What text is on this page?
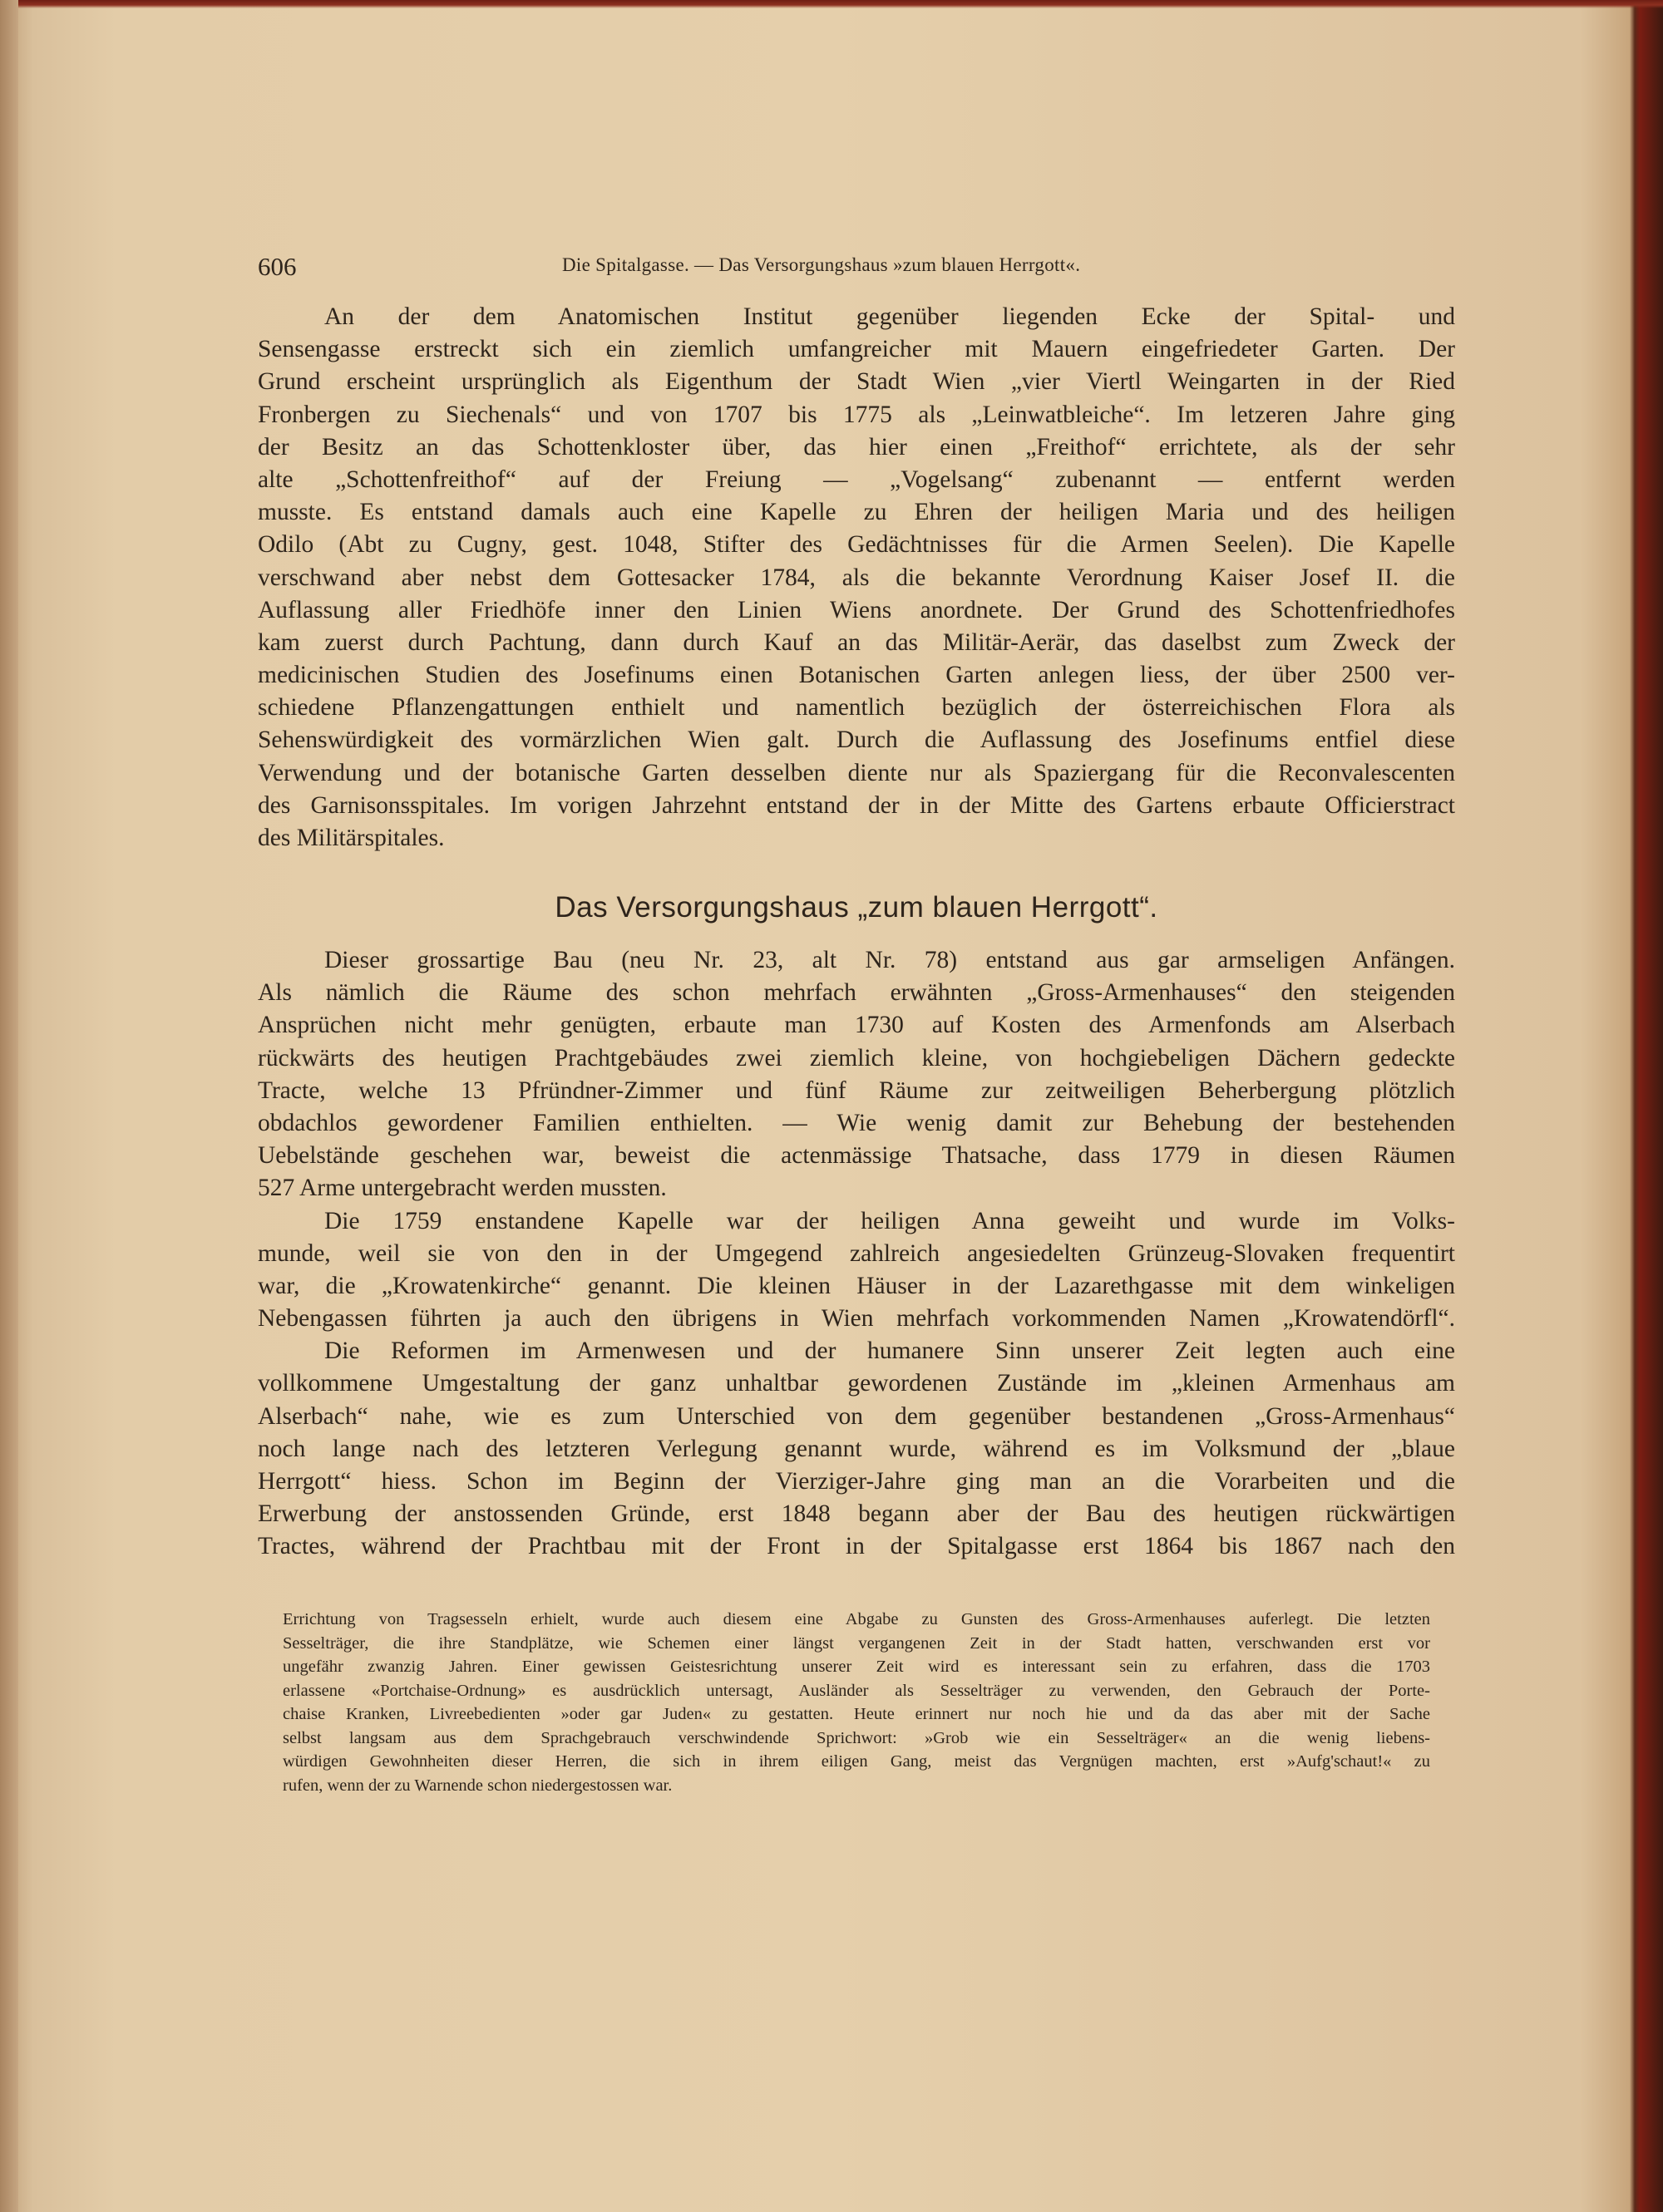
606	Die Spitalgasse. — Das Versorgungshaus »zum blauen Herrgott«.
An der dem Anatomischen Institut gegenüber liegenden Ecke der Spital- und
Sensengasse erstreckt sich ein ziemlich umfangreicher mit Mauern eingefriedeter Garten. Der
Grund erscheint ursprünglich als Eigenthum der Stadt Wien „vier Viertl Weingarten in der Ried
Fronbergen zu Siechenals“ und von 1707 bis 1775 als „Leinwatbleiche“. Im letzeren Jahre ging
der Besitz an das Schottenkloster über, das hier einen „Freithof“ errichtete, als der sehr
alte „Schottenfreithof“ auf der Freiung — „Vogelsang“ zubenannt — entfernt werden
musste. Es entstand damals auch eine Kapelle zu Ehren der heiligen Maria und des heiligen
Odilo (Abt zu Cugny, gest. 1048, Stifter des Gedächtnisses für die Armen Seelen). Die Kapelle
verschwand aber nebst dem Gottesacker 1784, als die bekannte Verordnung Kaiser Josef II. die
Auflassung aller Friedhöfe inner den Linien Wiens anordnete. Der Grund des Schottenfriedhofes
kam zuerst durch Pachtung, dann durch Kauf an das Militär-Aerär, das daselbst zum Zweck der
medicinischen Studien des Josefinums einen Botanischen Garten anlegen liess, der über 2500 ver-
schiedene Pflanzengattungen enthielt und namentlich bezüglich der österreichischen Flora als
Sehenswürdigkeit des vormärzlichen Wien galt. Durch die Auflassung des Josefinums entfiel diese
Verwendung und der botanische Garten desselben diente nur als Spaziergang für die Reconvalescenten
des Garnisonsspitales. Im vorigen Jahrzehnt entstand der in der Mitte des Gartens erbaute Officierstract
des Militärspitales.
Das Versorgungshaus „zum blauen Herrgott“.
Dieser grossartige Bau (neu Nr. 23, alt Nr. 78) entstand aus gar armseligen Anfängen.
Als nämlich die Räume des schon mehrfach erwähnten „Gross-Armenhauses“ den steigenden
Ansprüchen nicht mehr genügten, erbaute man 1730 auf Kosten des Armenfonds am Alserbach
rückwärts des heutigen Prachtgebäudes zwei ziemlich kleine, von hochgiebeligen Dächern gedeckte
Tracte, welche 13 Pfründner-Zimmer und fünf Räume zur zeitweiligen Beherbergung plötzlich
obdachlos gewordener Familien enthielten. — Wie wenig damit zur Behebung der bestehenden
Uebelstände geschehen war, beweist die actenmässige Thatsache, dass 1779 in diesen Räumen
527 Arme untergebracht werden mussten.
Die 1759 enstandene Kapelle war der heiligen Anna geweiht und wurde im Volks-
munde, weil sie von den in der Umgegend zahlreich angesiedelten Grünzeug-Slovaken frequentirt
war, die „Krowatenkirche“ genannt. Die kleinen Häuser in der Lazarethgasse mit dem winkeligen
Nebengassen führten ja auch den übrigens in Wien mehrfach vorkommenden Namen „Krowatendörfl“.
Die Reformen im Armenwesen und der humanere Sinn unserer Zeit legten auch eine
vollkommene Umgestaltung der ganz unhaltbar gewordenen Zustände im „kleinen Armenhaus am
Alserbach“ nahe, wie es zum Unterschied von dem gegenüber bestandenen „Gross-Armenhaus“
noch lange nach des letzteren Verlegung genannt wurde, während es im Volksmund der „blaue
Herrgott“ hiess. Schon im Beginn der Vierziger-Jahre ging man an die Vorarbeiten und die
Erwerbung der anstossenden Gründe, erst 1848 begann aber der Bau des heutigen rückwärtigen
Tractes, während der Prachtbau mit der Front in der Spitalgasse erst 1864 bis 1867 nach den
Errichtung von Tragsesseln erhielt, wurde auch diesem eine Abgabe zu Gunsten des Gross-Armenhauses auferlegt. Die letzten
Sesselträger, die ihre Standplätze, wie Schemen einer längst vergangenen Zeit in der Stadt hatten, verschwanden erst vor
ungefähr zwanzig Jahren. Einer gewissen Geistesrichtung unserer Zeit wird es interessant sein zu erfahren, dass die 1703
erlassene «Portchaise-Ordnung» es ausdrücklich untersagt, Ausländer als Sesselträger zu verwenden, den Gebrauch der Porte-
chaise Kranken, Livreebedienten »oder gar Juden« zu gestatten. Heute erinnert nur noch hie und da das aber mit der Sache
selbst langsam aus dem Sprachgebrauch verschwindende Sprichwort: »Grob wie ein Sesselträger« an die wenig liebens-
würdigen Gewohnheiten dieser Herren, die sich in ihrem eiligen Gang, meist das Vergnügen machten, erst »Aufg'schaut!« zu
rufen, wenn der zu Warnende schon niedergestossen war.
